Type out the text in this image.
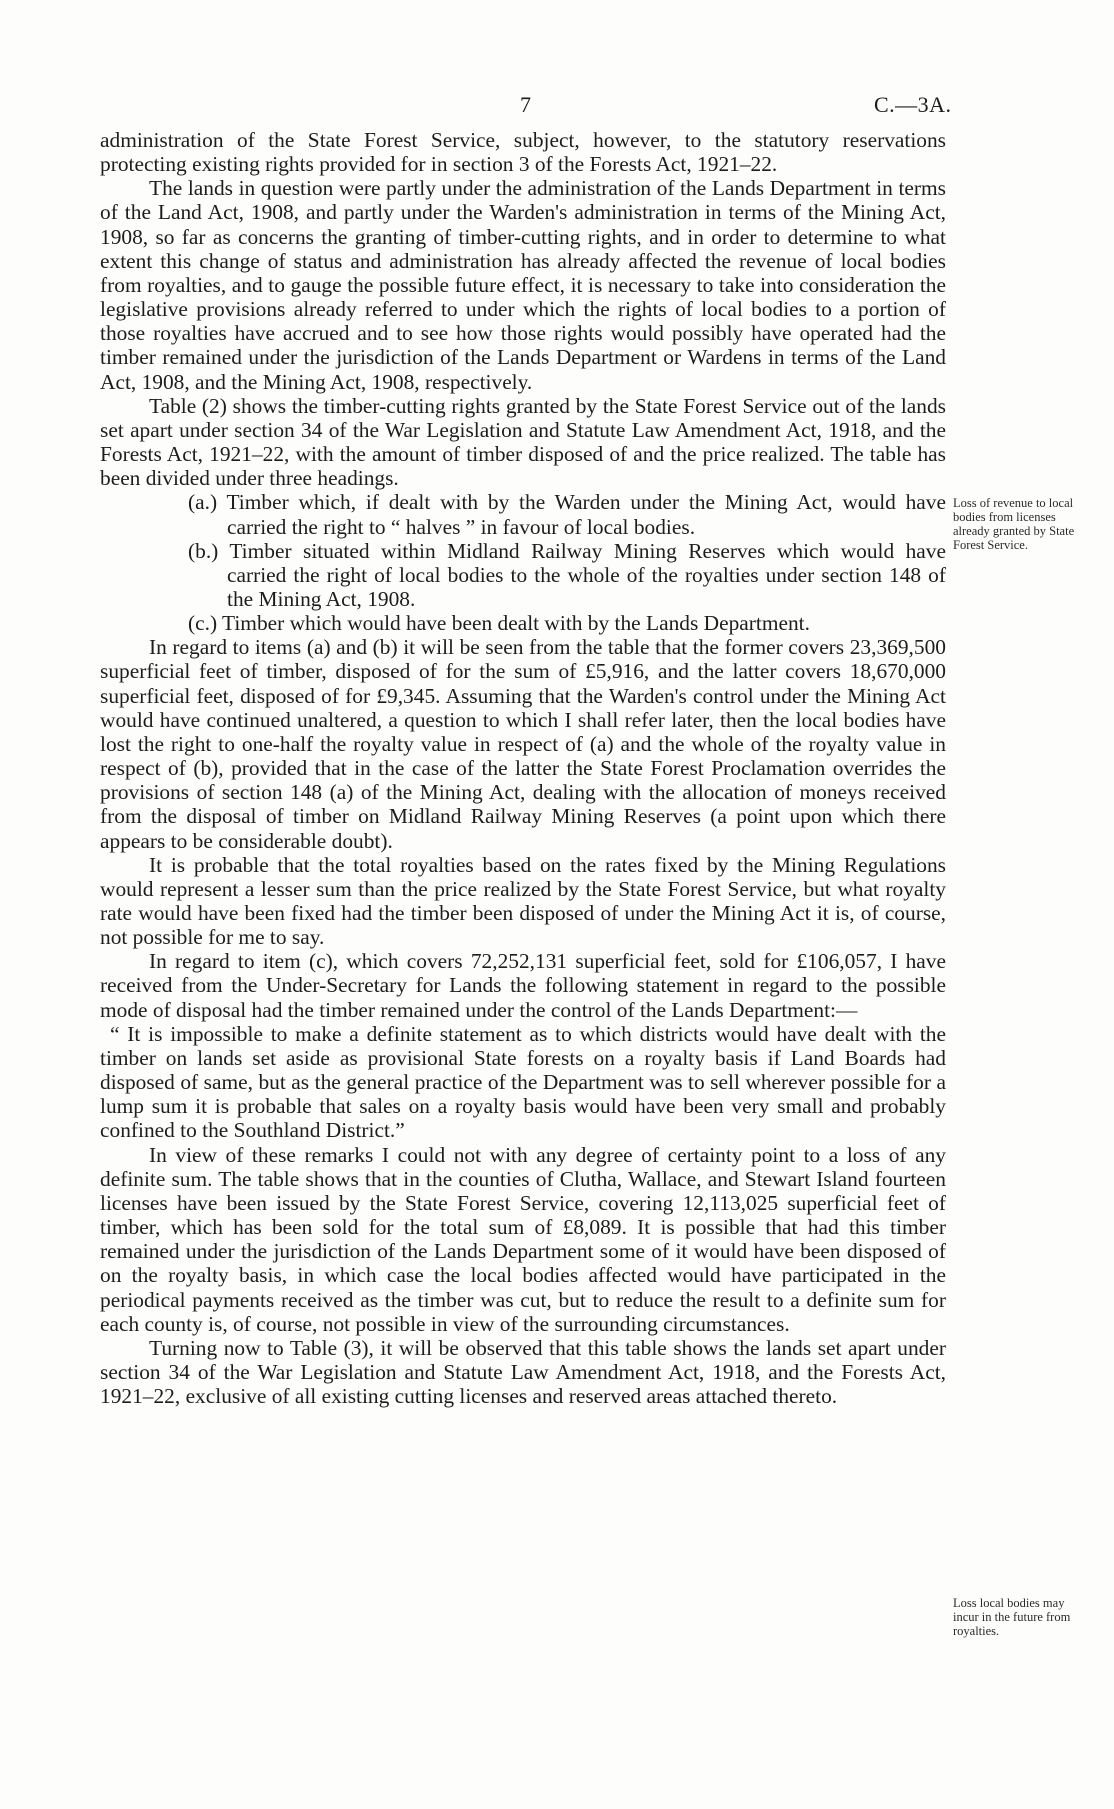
7	C.—3A.

administration of the State Forest Service, subject, however, to the statutory reservations protecting existing rights provided for in section 3 of the Forests Act, 1921–22.

The lands in question were partly under the administration of the Lands Department in terms of the Land Act, 1908, and partly under the Warden's administration in terms of the Mining Act, 1908, so far as concerns the granting of timber-cutting rights, and in order to determine to what extent this change of status and administration has already affected the revenue of local bodies from royalties, and to gauge the possible future effect, it is necessary to take into consideration the legislative provisions already referred to under which the rights of local bodies to a portion of those royalties have accrued and to see how those rights would possibly have operated had the timber remained under the jurisdiction of the Lands Department or Wardens in terms of the Land Act, 1908, and the Mining Act, 1908, respectively.

Table (2) shows the timber-cutting rights granted by the State Forest Service out of the lands set apart under section 34 of the War Legislation and Statute Law Amendment Act, 1918, and the Forests Act, 1921–22, with the amount of timber disposed of and the price realized. The table has been divided under three headings.

(a.) Timber which, if dealt with by the Warden under the Mining Act, would have carried the right to “ halves ” in favour of local bodies.

(b.) Timber situated within Midland Railway Mining Reserves which would have carried the right of local bodies to the whole of the royalties under section 148 of the Mining Act, 1908.

(c.) Timber which would have been dealt with by the Lands Department.

In regard to items (a) and (b) it will be seen from the table that the former covers 23,369,500 superficial feet of timber, disposed of for the sum of £5,916, and the latter covers 18,670,000 superficial feet, disposed of for £9,345. Assuming that the Warden's control under the Mining Act would have continued unaltered, a question to which I shall refer later, then the local bodies have lost the right to one-half the royalty value in respect of (a) and the whole of the royalty value in respect of (b), provided that in the case of the latter the State Forest Proclamation overrides the provisions of section 148 (a) of the Mining Act, dealing with the allocation of moneys received from the disposal of timber on Midland Railway Mining Reserves (a point upon which there appears to be considerable doubt).

It is probable that the total royalties based on the rates fixed by the Mining Regulations would represent a lesser sum than the price realized by the State Forest Service, but what royalty rate would have been fixed had the timber been disposed of under the Mining Act it is, of course, not possible for me to say.

In regard to item (c), which covers 72,252,131 superficial feet, sold for £106,057, I have received from the Under-Secretary for Lands the following statement in regard to the possible mode of disposal had the timber remained under the control of the Lands Department:—

“ It is impossible to make a definite statement as to which districts would have dealt with the timber on lands set aside as provisional State forests on a royalty basis if Land Boards had disposed of same, but as the general practice of the Department was to sell wherever possible for a lump sum it is probable that sales on a royalty basis would have been very small and probably confined to the Southland District.”

In view of these remarks I could not with any degree of certainty point to a loss of any definite sum. The table shows that in the counties of Clutha, Wallace, and Stewart Island fourteen licenses have been issued by the State Forest Service, covering 12,113,025 superficial feet of timber, which has been sold for the total sum of £8,089. It is possible that had this timber remained under the jurisdiction of the Lands Department some of it would have been disposed of on the royalty basis, in which case the local bodies affected would have participated in the periodical payments received as the timber was cut, but to reduce the result to a definite sum for each county is, of course, not possible in view of the surrounding circumstances.

Turning now to Table (3), it will be observed that this table shows the lands set apart under section 34 of the War Legislation and Statute Law Amendment Act, 1918, and the Forests Act, 1921–22, exclusive of all existing cutting licenses and reserved areas attached thereto.

Loss of revenue to local bodies from licenses already granted by State Forest Service.
Loss local bodies may incur in the future from royalties.
